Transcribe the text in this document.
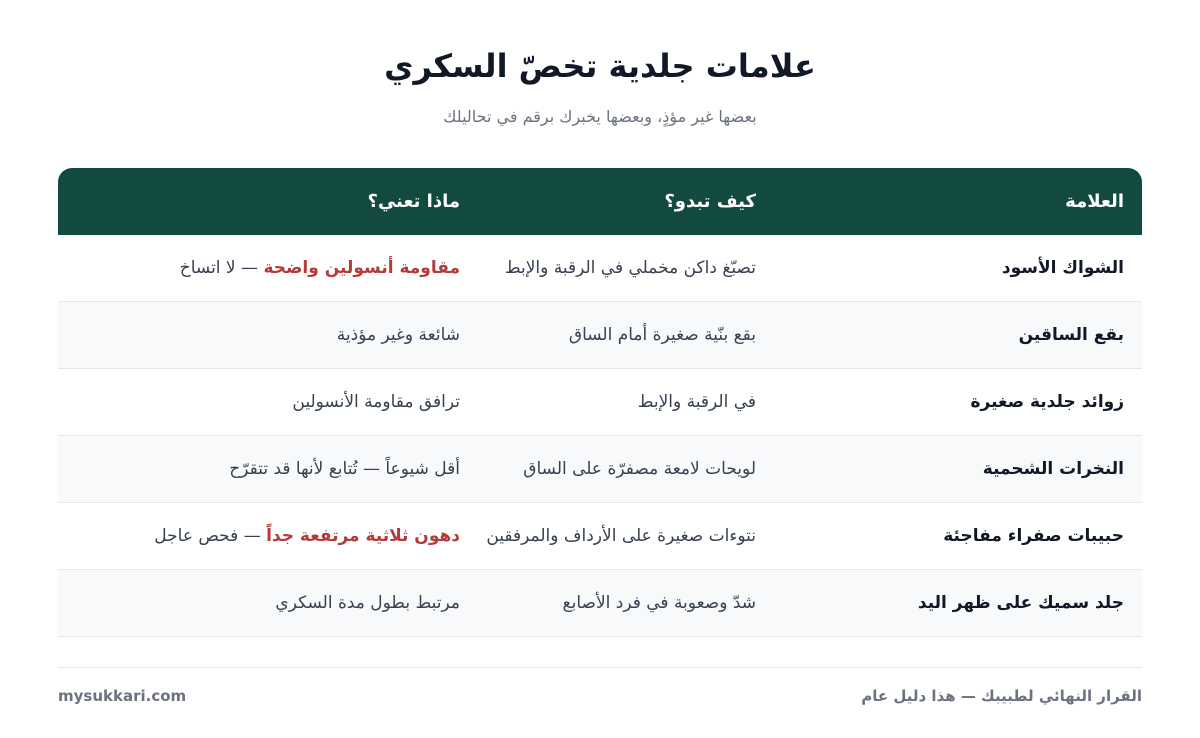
علامات جلدية تخصّ السكري

بعضها غير مؤذٍ، وبعضها يخبرك برقم في تحاليلك

العلامة
كيف تبدو؟
ماذا تعني؟
الشواك الأسود
تصبّغ داكن مخملي في الرقبة والإبط
مقاومة أنسولين واضحة — لا اتساخ
بقع الساقين
بقع بنّية صغيرة أمام الساق
شائعة وغير مؤذية
زوائد جلدية صغيرة
في الرقبة والإبط
ترافق مقاومة الأنسولين
النخرات الشحمية
لويحات لامعة مصفرّة على الساق
أقل شيوعاً — تُتابع لأنها قد تتقرّح
حبيبات صفراء مفاجئة
نتوءات صغيرة على الأرداف والمرفقين
دهون ثلاثية مرتفعة جداً — فحص عاجل
جلد سميك على ظهر اليد
شدّ وصعوبة في فرد الأصابع
مرتبط بطول مدة السكري
القرار النهائي لطبيبك — هذا دليل عام
mysukkari.com
